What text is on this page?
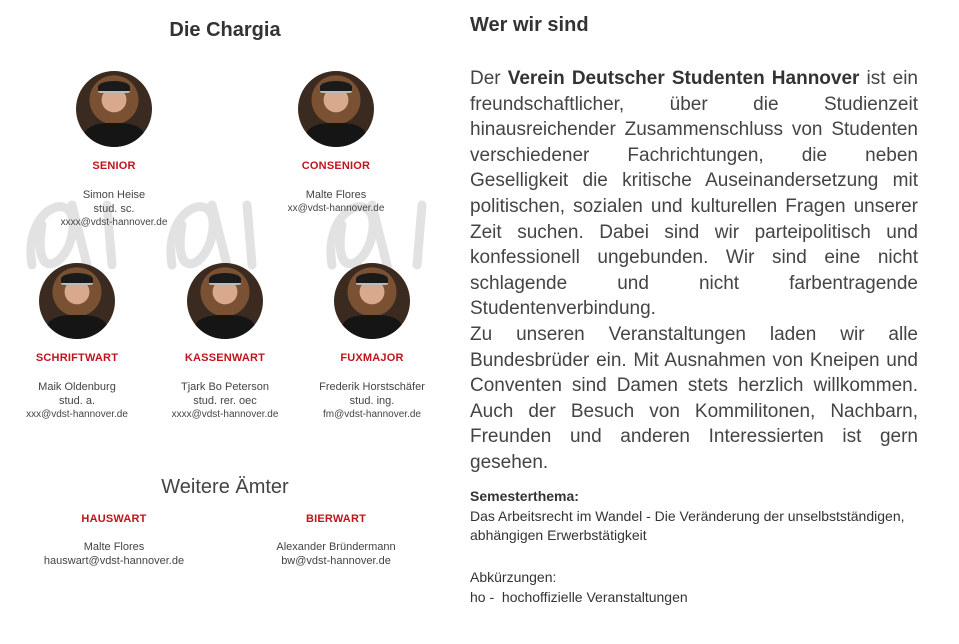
Die Chargia
SENIOR
Simon Heise
stud. sc.
xxxx@vdst-hannover.de
CONSENIOR
Malte Flores
xx@vdst-hannover.de
SCHRIFTWART
Maik Oldenburg
stud. a.
xxx@vdst-hannover.de
KASSENWART
Tjark Bo Peterson
stud. rer. oec
xxxx@vdst-hannover.de
FUXMAJOR
Frederik Horstschäfer
stud. ing.
fm@vdst-hannover.de
Weitere Ämter
HAUSWART
Malte Flores
hauswart@vdst-hannover.de
BIERWART
Alexander Bründermann
bw@vdst-hannover.de
Wer wir sind
Der Verein Deutscher Studenten Hannover ist ein freundschaftlicher, über die Studienzeit hinausreichender Zusammenschluss von Studenten verschiedener Fachrichtungen, die neben Geselligkeit die kritische Auseinandersetzung mit politischen, sozialen und kulturellen Fragen unserer Zeit suchen. Dabei sind wir parteipolitisch und konfessionell ungebunden. Wir sind eine nicht schlagende und nicht farbentragende Studentenverbindung.
Zu unseren Veranstaltungen laden wir alle Bundesbrüder ein. Mit Ausnahmen von Kneipen und Conventen sind Damen stets herzlich willkommen. Auch der Besuch von Kommilitonen, Nachbarn, Freunden und anderen Interessierten ist gern gesehen.
Semesterthema:
Das Arbeitsrecht im Wandel - Die Veränderung der unselbstständigen, abhängigen Erwerbstätigkeit
Abkürzungen:
ho -  hochoffizielle Veranstaltungen
